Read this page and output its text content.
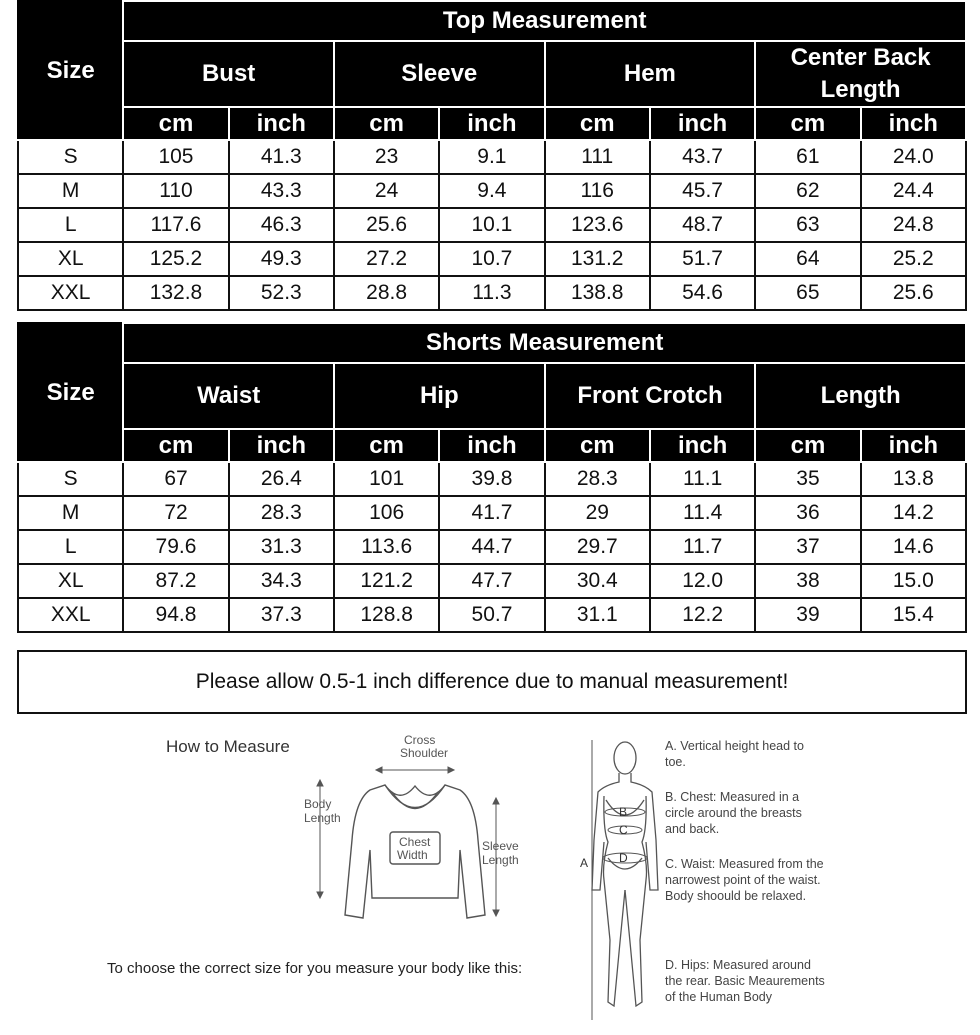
Size	Top Measurement							
	Bust		Sleeve		Hem		Center Back Length	
	cm	inch	cm	inch	cm	inch	cm	inch
S	105	41.3	23	9.1	111	43.7	61	24.0
M	110	43.3	24	9.4	116	45.7	62	24.4
L	117.6	46.3	25.6	10.1	123.6	48.7	63	24.8
XL	125.2	49.3	27.2	10.7	131.2	51.7	64	25.2
XXL	132.8	52.3	28.8	11.3	138.8	54.6	65	25.6
Size	Shorts Measurement							
	Waist		Hip		Front Crotch		Length	
	cm	inch	cm	inch	cm	inch	cm	inch
S	67	26.4	101	39.8	28.3	11.1	35	13.8
M	72	28.3	106	41.7	29	11.4	36	14.2
L	79.6	31.3	113.6	44.7	29.7	11.7	37	14.6
XL	87.2	34.3	121.2	47.7	30.4	12.0	38	15.0
XXL	94.8	37.3	128.8	50.7	31.1	12.2	39	15.4
Please allow 0.5-1 inch difference due to manual measurement!
How to Measure
To choose the correct size for you measure your body like this:
Cross
Shoulder
Body
Length
Chest
Width
Sleeve
Length
B
C
D
A
A. Vertical height head to toe.
B. Chest: Measured in a circle around the breasts and back.
C. Waist: Measured from the narrowest point of the waist. Body shoould be relaxed.
D. Hips: Measured around the rear. Basic Meaurements of the Human Body
